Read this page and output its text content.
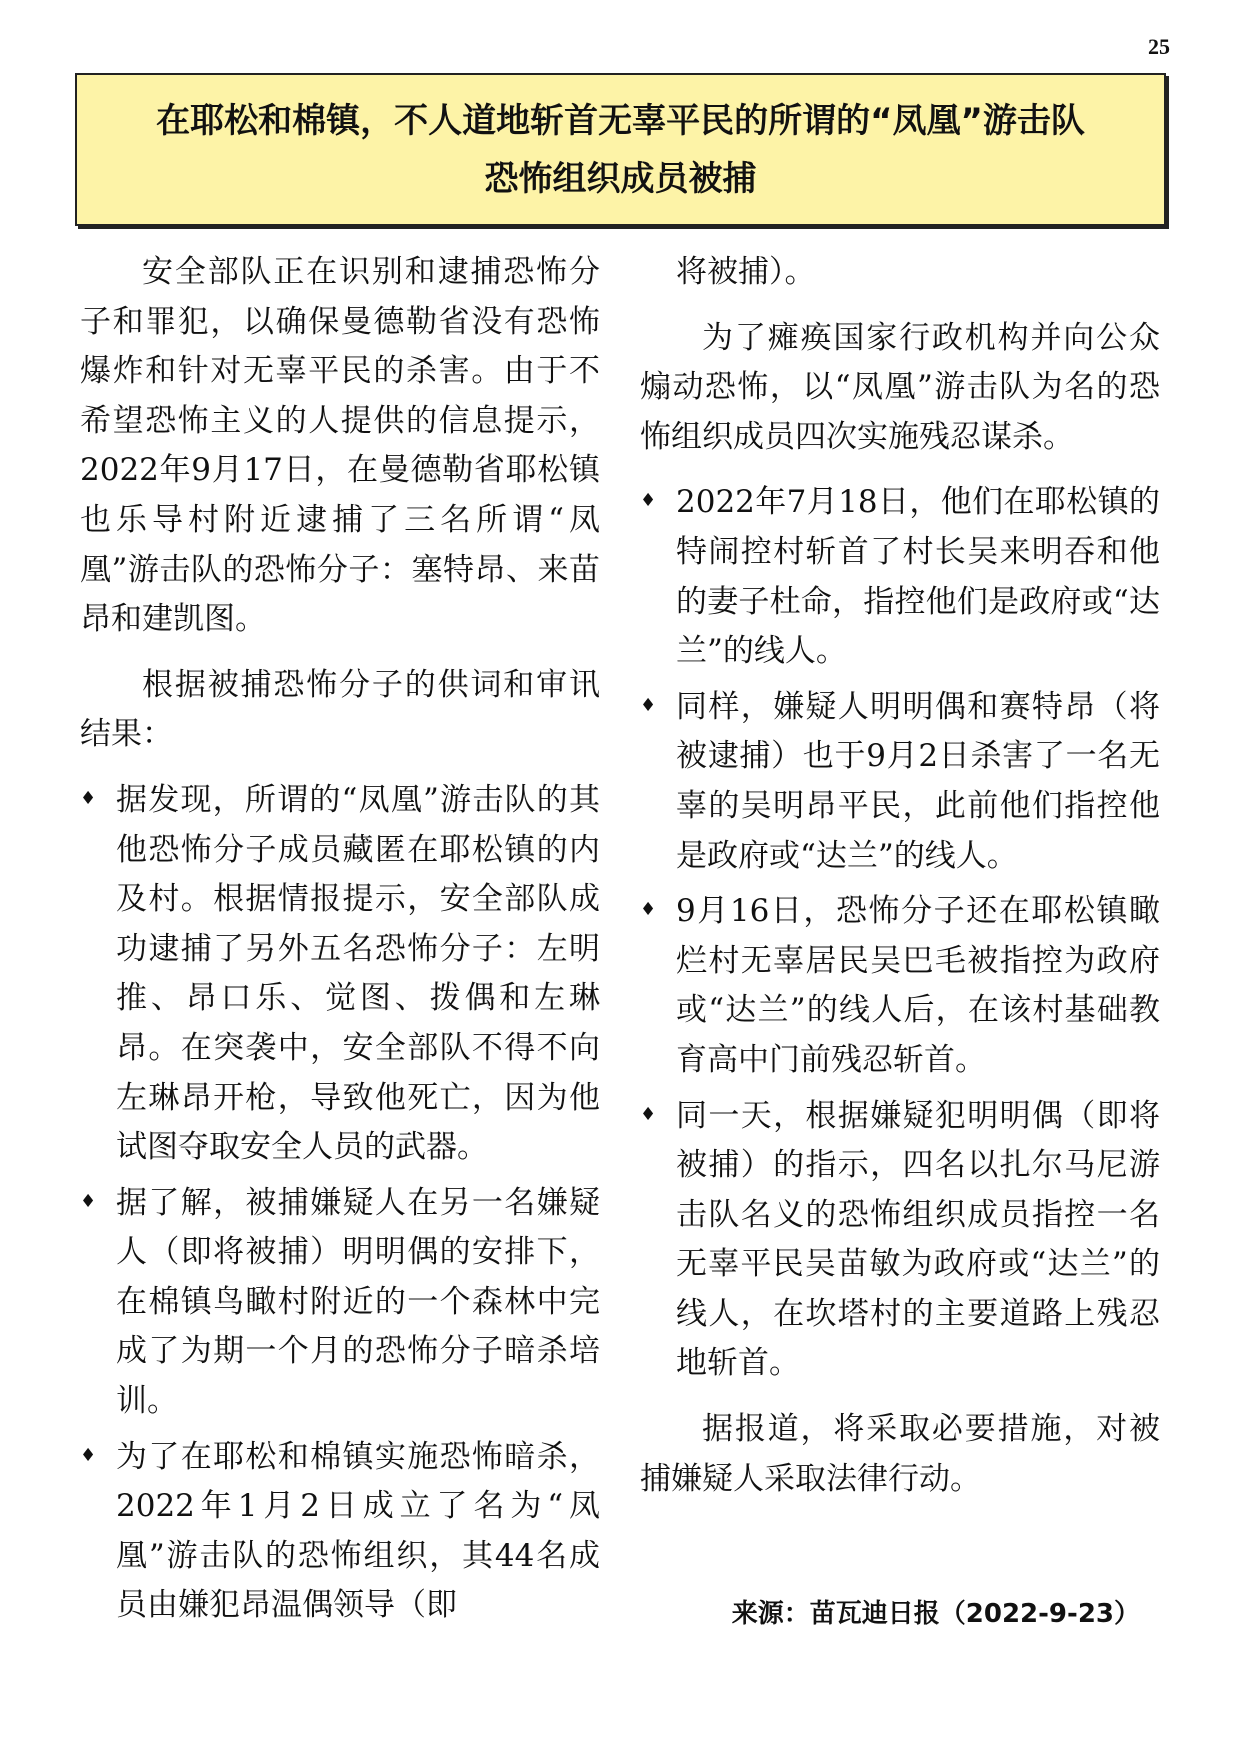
25
在耶松和棉镇，不人道地斩首无辜平民的所谓的“凤凰”游击队
恐怖组织成员被捕

安全部队正在识别和逮捕恐怖分子和罪犯，以确保曼德勒省没有恐怖爆炸和针对无辜平民的杀害。由于不希望恐怖主义的人提供的信息提示，2022年9月17日，在曼德勒省耶松镇也乐导村附近逮捕了三名所谓“凤凰”游击队的恐怖分子：塞特昂、来苗昂和建凯图。

根据被捕恐怖分子的供词和审讯结果：

♦ 据发现，所谓的“凤凰”游击队的其他恐怖分子成员藏匿在耶松镇的内及村。根据情报提示，安全部队成功逮捕了另外五名恐怖分子：左明推、昂口乐、觉图、拨偶和左琳昂。在突袭中，安全部队不得不向左琳昂开枪，导致他死亡，因为他试图夺取安全人员的武器。
♦ 据了解，被捕嫌疑人在另一名嫌疑人（即将被捕）明明偶的安排下，在棉镇鸟瞰村附近的一个森林中完成了为期一个月的恐怖分子暗杀培训。
♦ 为了在耶松和棉镇实施恐怖暗杀，2022年1月2日成立了名为“凤凰”游击队的恐怖组织，其44名成员由嫌犯昂温偶领导（即

将被捕）。

为了瘫痪国家行政机构并向公众煽动恐怖，以“凤凰”游击队为名的恐怖组织成员四次实施残忍谋杀。

♦ 2022年7月18日，他们在耶松镇的特闹控村斩首了村长吴来明吞和他的妻子杜命，指控他们是政府或“达兰”的线人。
♦ 同样，嫌疑人明明偶和赛特昂（将被逮捕）也于9月2日杀害了一名无辜的吴明昂平民，此前他们指控他是政府或“达兰”的线人。
♦ 9月16日，恐怖分子还在耶松镇瞰烂村无辜居民吴巴毛被指控为政府或“达兰”的线人后，在该村基础教育高中门前残忍斩首。
♦ 同一天，根据嫌疑犯明明偶（即将被捕）的指示，四名以扎尔马尼游击队名义的恐怖组织成员指控一名无辜平民吴苗敏为政府或“达兰”的线人，在坎塔村的主要道路上残忍地斩首。

据报道，将采取必要措施，对被捕嫌疑人采取法律行动。

来源：苗瓦迪日报（2022-9-23）
